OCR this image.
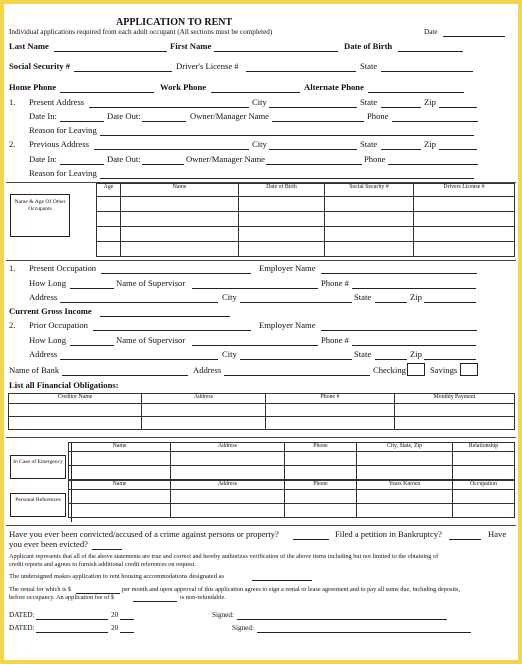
APPLICATION TO RENT
Individual applications required from each adult occupant (All sections must be completed)	Date
Last Name	First Name	Date of Birth
Social Security #	Driver's License #	State
Home Phone	Work Phone	Alternate Phone
1. Present Address	City	State	Zip
Date In:	Date Out:	Owner/Manager Name	Phone
Reason for Leaving
2. Previous Address	City	State	Zip
Date In:	Date Out:	Owner/Manager Name	Phone
Reason for Leaving
Name & Age Of Other Occupants
Age	Name	Date of Birth	Social Security #	Drivers License #

1. Present Occupation	Employer Name
How Long	Name of Supervisor	Phone #
Address	City	State	Zip
Current Gross Income
2. Prior Occupation	Employer Name
How Long	Name of Supervisor	Phone #
Address	City	State	Zip
Name of Bank	Address	Checking	Savings
List all Financial Obligations:
Creditor Name	Address	Phone #	Monthly Payment

In Case of Emergency
Name	Address	Phone	City, State, Zip	Relationship

Personal References
Name	Address	Phone	Years Known	Occupation

Have you ever been convicted/accused of a crime against persons or property?	Filed a petition in Bankruptcy?	Have
you ever been evicted?
Applicant represents that all of the above statements are true and correct and hereby authorizes verification of the above items including but not limited to the obtaining of
credit reports and agrees to furnish additional credit references on request.
The undersigned makes application to rent housing accommodations designated as
The rental for which is $	per month and upon approval of this application agrees to sign a rental or lease agreement and to pay all sums due, including deposits,
before occupancy. An application fee of $	is non-refundable.
DATED:	20	Signed:
DATED:	20	Signed:
